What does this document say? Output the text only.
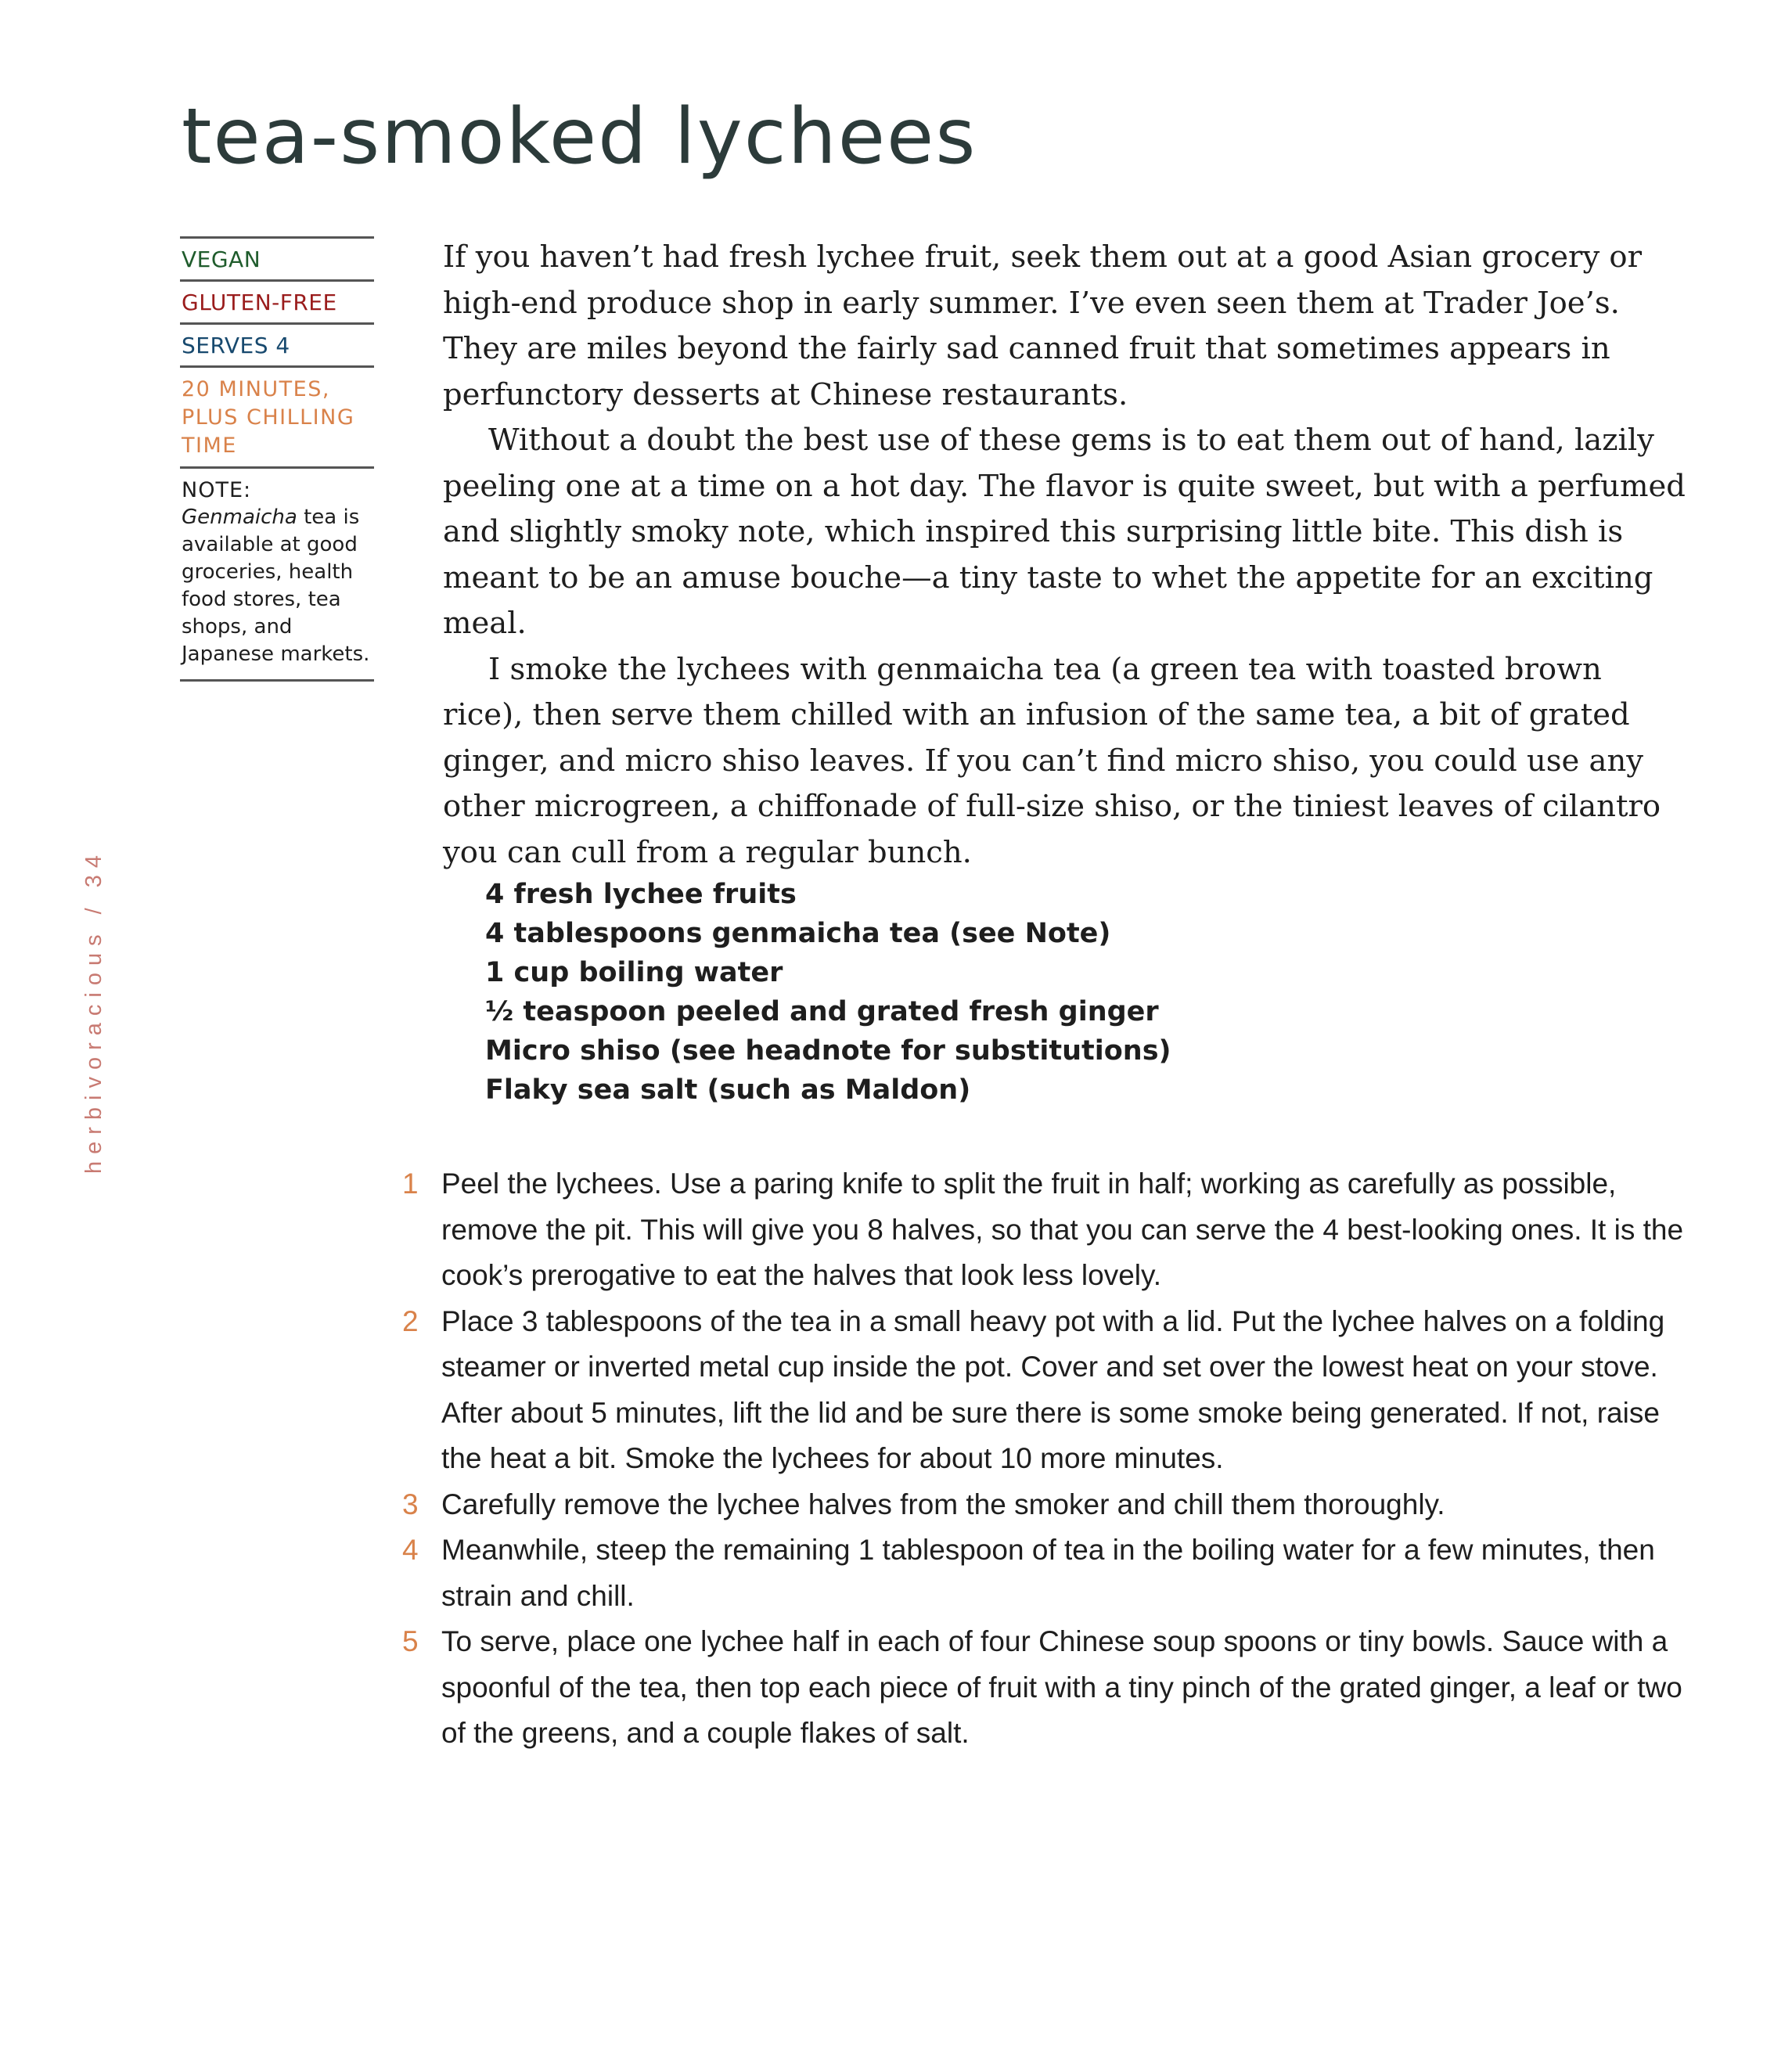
tea-smoked lychees
herbivoracious / 34
VEGAN
GLUTEN-FREE
SERVES 4
20 MINUTES, PLUS CHILLING TIME
NOTE:
Genmaicha tea is available at good groceries, health food stores, tea shops, and Japanese markets.

If you haven’t had fresh lychee fruit, seek them out at a good Asian grocery or high-end produce shop in early summer. I’ve even seen them at Trader Joe’s. They are miles beyond the fairly sad canned fruit that sometimes appears in perfunctory desserts at Chinese restaurants.

Without a doubt the best use of these gems is to eat them out of hand, lazily peeling one at a time on a hot day. The flavor is quite sweet, but with a perfumed and slightly smoky note, which inspired this surprising little bite. This dish is meant to be an amuse bouche—a tiny taste to whet the appetite for an exciting meal.

I smoke the lychees with genmaicha tea (a green tea with toasted brown rice), then serve them chilled with an infusion of the same tea, a bit of grated ginger, and micro shiso leaves. If you can’t find micro shiso, you could use any other microgreen, a chiffonade of full-size shiso, or the tiniest leaves of cilantro you can cull from a regular bunch.

4 fresh lychee fruits
4 tablespoons genmaicha tea (see Note)
1 cup boiling water
½ teaspoon peeled and grated fresh ginger
Micro shiso (see headnote for substitutions)
Flaky sea salt (such as Maldon)
1 Peel the lychees. Use a paring knife to split the fruit in half; working as carefully as possible, remove the pit. This will give you 8 halves, so that you can serve the 4 best-looking ones. It is the cook’s prerogative to eat the halves that look less lovely.
2 Place 3 tablespoons of the tea in a small heavy pot with a lid. Put the lychee halves on a folding steamer or inverted metal cup inside the pot. Cover and set over the lowest heat on your stove. After about 5 minutes, lift the lid and be sure there is some smoke being generated. If not, raise the heat a bit. Smoke the lychees for about 10 more minutes.
3 Carefully remove the lychee halves from the smoker and chill them thoroughly.
4 Meanwhile, steep the remaining 1 tablespoon of tea in the boiling water for a few minutes, then strain and chill.
5 To serve, place one lychee half in each of four Chinese soup spoons or tiny bowls. Sauce with a spoonful of the tea, then top each piece of fruit with a tiny pinch of the grated ginger, a leaf or two of the greens, and a couple flakes of salt.
